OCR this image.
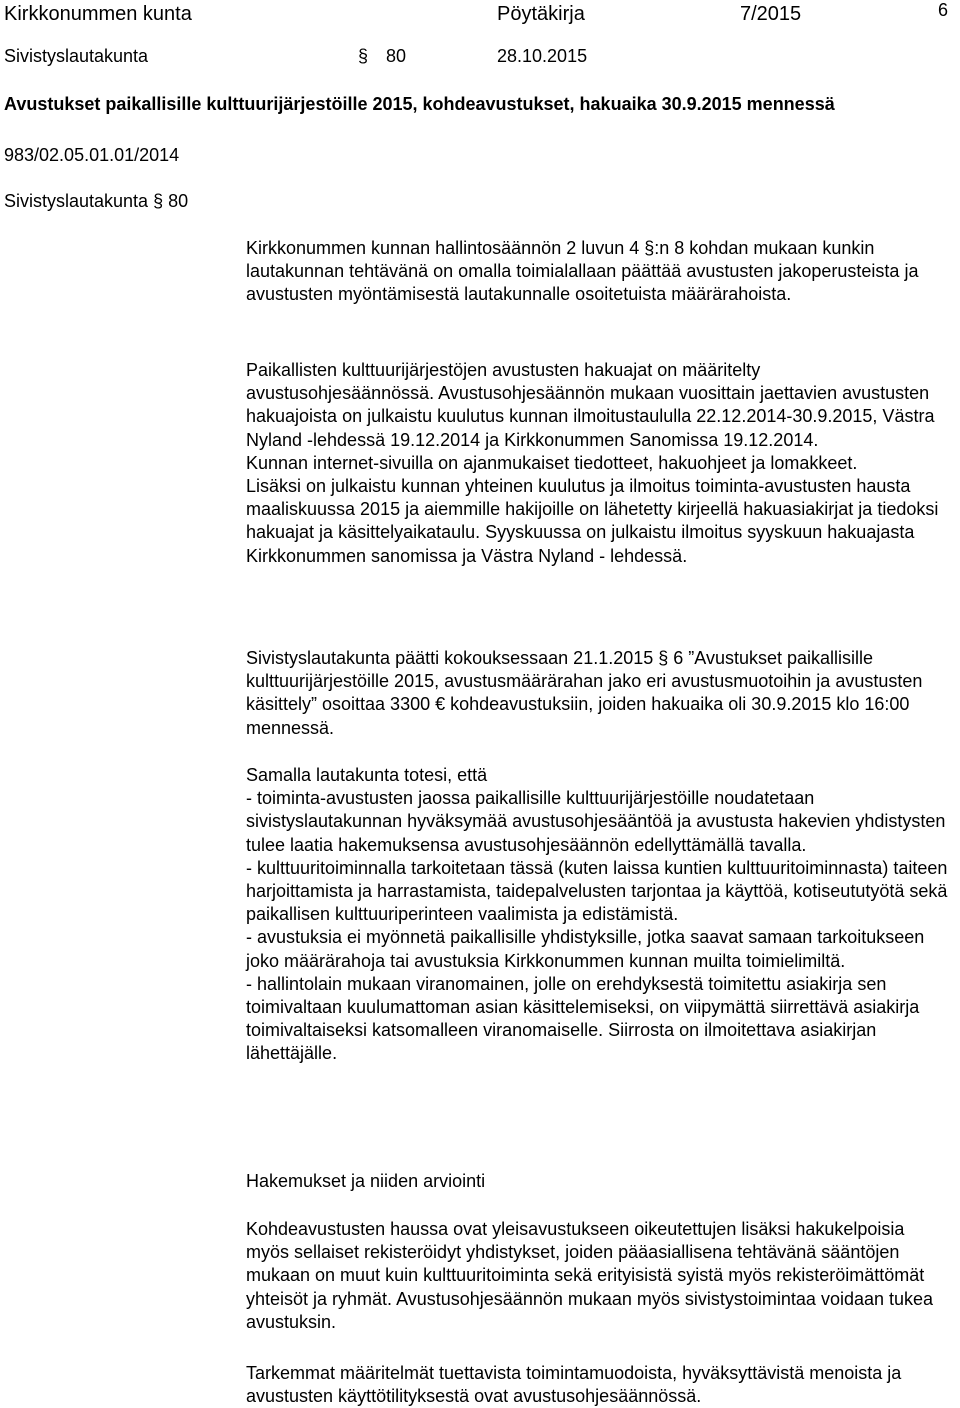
Kirkkonummen kunta	Pöytäkirja	7/2015	6
Sivistyslautakunta	§ 80	28.10.2015
Avustukset paikallisille kulttuurijärjestöille 2015, kohdeavustukset, hakuaika 30.9.2015 mennessä
983/02.05.01.01/2014
Sivistyslautakunta § 80

Kirkkonummen kunnan hallintosäännön 2 luvun 4 §:n 8 kohdan mukaan kunkin lautakunnan tehtävänä on omalla toimialallaan päättää avustusten jakoperusteista ja avustusten myöntämisestä lautakunnalle osoitetuista määrärahoista.

Paikallisten kulttuurijärjestöjen avustusten hakuajat on määritelty avustusohjesäännössä. Avustusohjesäännön mukaan vuosittain jaettavien avustusten hakuajoista on julkaistu kuulutus kunnan ilmoitustaululla 22.12.2014-30.9.2015, Västra Nyland -lehdessä 19.12.2014 ja Kirkkonummen Sanomissa 19.12.2014.

Kunnan internet-sivuilla on ajanmukaiset tiedotteet, hakuohjeet ja lomakkeet.

Lisäksi on julkaistu kunnan yhteinen kuulutus ja ilmoitus toiminta-avustusten hausta maaliskuussa 2015 ja aiemmille hakijoille on lähetetty kirjeellä hakuasiakirjat ja tiedoksi hakuajat ja käsittelyaikataulu. Syyskuussa on julkaistu ilmoitus syyskuun hakuajasta Kirkkonummen sanomissa ja Västra Nyland - lehdessä.

Sivistyslautakunta päätti kokouksessaan 21.1.2015 § 6 ”Avustukset paikallisille kulttuurijärjestöille 2015, avustusmäärärahan jako eri avustusmuotoihin ja avustusten käsittely” osoittaa 3300 € kohdeavustuksiin, joiden hakuaika oli 30.9.2015 klo 16:00 mennessä.

Samalla lautakunta totesi, että

- toiminta-avustusten jaossa paikallisille kulttuurijärjestöille noudatetaan sivistyslautakunnan hyväksymää avustusohjesääntöä ja avustusta hakevien yhdistysten tulee laatia hakemuksensa avustusohjesäännön edellyttämällä tavalla.

- kulttuuritoiminnalla tarkoitetaan tässä (kuten laissa kuntien kulttuuritoiminnasta) taiteen harjoittamista ja harrastamista, taidepalvelusten tarjontaa ja käyttöä, kotiseututyötä sekä paikallisen kulttuuriperinteen vaalimista ja edistämistä.

- avustuksia ei myönnetä paikallisille yhdistyksille, jotka saavat samaan tarkoitukseen joko määrärahoja tai avustuksia Kirkkonummen kunnan muilta toimielimiltä.

- hallintolain mukaan viranomainen, jolle on erehdyksestä toimitettu asiakirja sen toimivaltaan kuulumattoman asian käsittelemiseksi, on viipymättä siirrettävä asiakirja toimivaltaiseksi katsomalleen viranomaiselle. Siirrosta on ilmoitettava asiakirjan lähettäjälle.

Hakemukset ja niiden arviointi

Kohdeavustusten haussa ovat yleisavustukseen oikeutettujen lisäksi hakukelpoisia myös sellaiset rekisteröidyt yhdistykset, joiden pääasiallisena tehtävänä sääntöjen mukaan on muut kuin kulttuuritoiminta sekä erityisistä syistä myös rekisteröimättömät yhteisöt ja ryhmät. Avustusohjesäännön mukaan myös sivistystoimintaa voidaan tukea avustuksin.

Tarkemmat määritelmät tuettavista toimintamuodoista, hyväksyttävistä menoista ja avustusten käyttötilityksestä ovat avustusohjesäännössä.
